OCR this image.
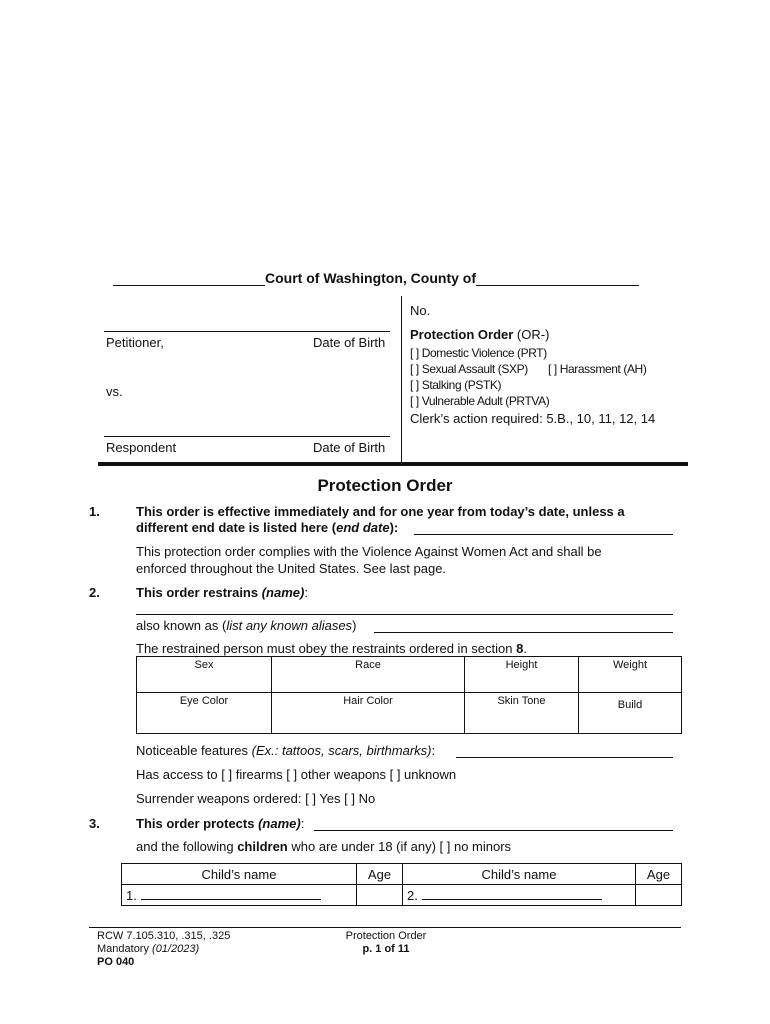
Court of Washington, County of
No.
Petitioner,	Date of Birth
vs.
Respondent	Date of Birth
Protection Order (OR-)
[ ] Domestic Violence (PRT)
[ ] Sexual Assault (SXP) [ ] Harassment (AH)
[ ] Stalking (PSTK)
[ ] Vulnerable Adult (PRTVA)
Clerk’s action required: 5.B., 10, 11, 12, 14
Protection Order
1.	This order is effective immediately and for one year from today’s date, unless a
different end date is listed here (end date):
This protection order complies with the Violence Against Women Act and shall be
enforced throughout the United States. See last page.
2.	This order restrains (name):
also known as (list any known aliases)
The restrained person must obey the restraints ordered in section 8.
Sex	Race	Height	Weight
Eye Color	Hair Color	Skin Tone	Build
Noticeable features (Ex.: tattoos, scars, birthmarks):
Has access to [ ] firearms [ ] other weapons [ ] unknown
Surrender weapons ordered: [ ] Yes [ ] No
3.	This order protects (name):
and the following children who are under 18 (if any) [ ] no minors
Child’s name	Age	Child’s name	Age
1.		2.	
RCW 7.105.310, .315, .325
Mandatory (01/2023)
PO 040
Protection Order
p. 1 of 11
